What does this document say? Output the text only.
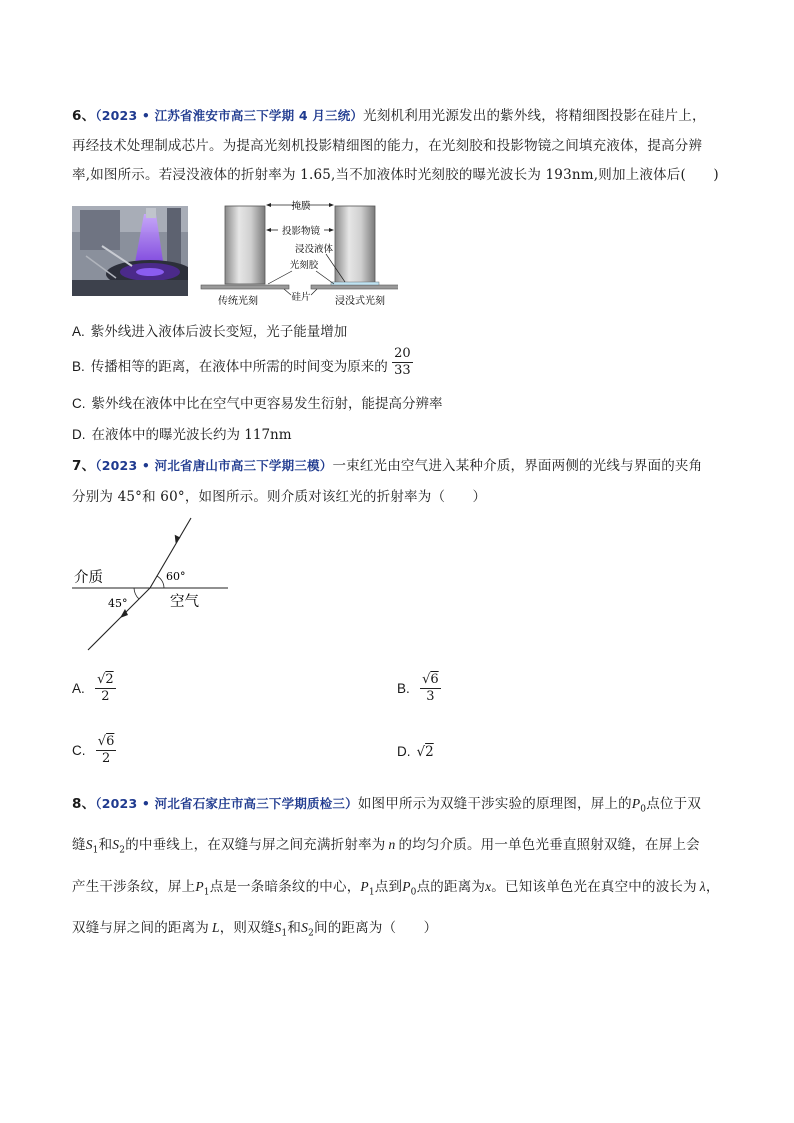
6、（2023 • 江苏省淮安市高三下学期 4 月三统）光刻机利用光源发出的紫外线，将精细图投影在硅片上，
再经技术处理制成芯片。为提高光刻机投影精细图的能力，在光刻胶和投影物镜之间填充液体，提高分辨
率,如图所示。若浸没液体的折射率为 1.65,当不加液体时光刻胶的曝光波长为 193nm,则加上液体后(　　)
掩膜
投影物镜
浸没液体
光刻胶
硅片
传统光刻	浸没式光刻
A. 紫外线进入液体后波长变短，光子能量增加
B. 传播相等的距离，在液体中所需的时间变为原来的 $\frac{20}{33}$
C. 紫外线在液体中比在空气中更容易发生衍射，能提高分辨率
D. 在液体中的曝光波长约为 117nm
7、（2023 • 河北省唐山市高三下学期三模）一束红光由空气进入某种介质，界面两侧的光线与界面的夹角
分别为 45°和 60°，如图所示。则介质对该红光的折射率为（　　）
介质
空气
60°
45°
A. $\frac{√2}{2}$	B. $\frac{√6}{3}$
C. $\frac{√6}{2}$	D. √2
8、（2023 • 河北省石家庄市高三下学期质检三）如图甲所示为双缝干涉实验的原理图，屏上的$P_0$点位于双
缝$S_1$和$S_2$的中垂线上，在双缝与屏之间充满折射率为 n 的均匀介质。用一单色光垂直照射双缝，在屏上会
产生干涉条纹，屏上$P_1$点是一条暗条纹的中心，$P_1$点到$P_0$点的距离为x。已知该单色光在真空中的波长为 λ，
双缝与屏之间的距离为 L，则双缝$S_1$和$S_2$间的距离为（　　）
